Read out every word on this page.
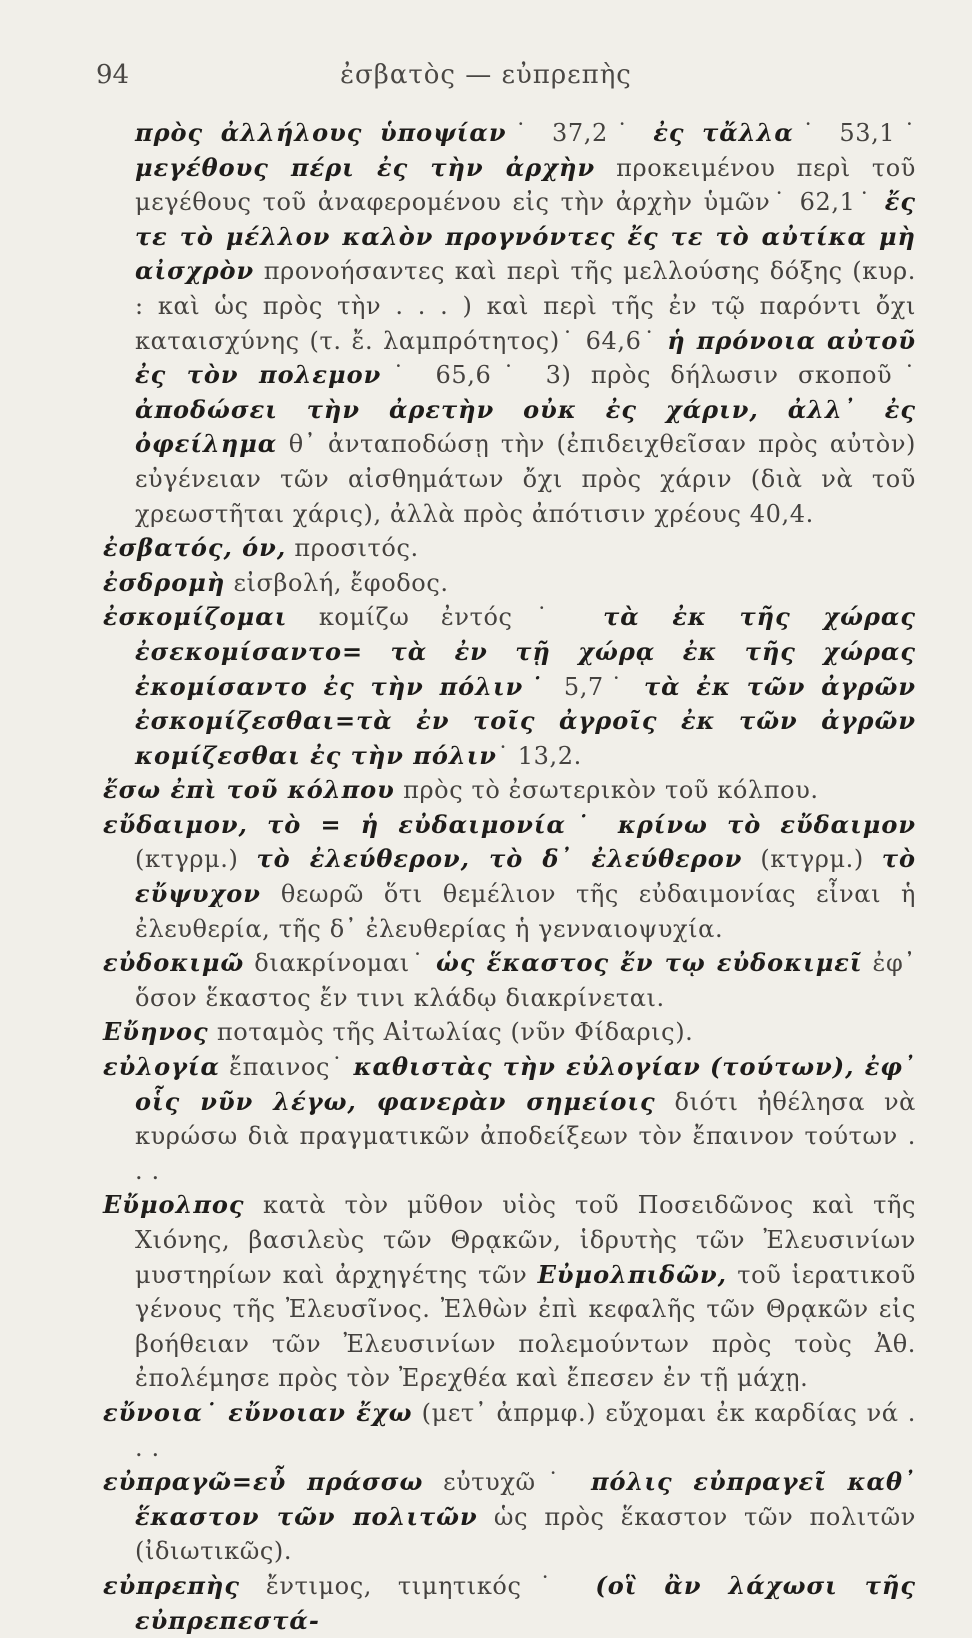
94	ἐσβατὸς — εὐπρεπὴς

πρὸς ἀλλήλους ὑποψίαν˙ 37,2˙ ἐς τἄλλα˙ 53,1˙ μεγέθους πέρι ἐς τὴν ἀρχὴν προκειμένου περὶ τοῦ μεγέθους τοῦ ἀναφερομένου εἰς τὴν ἀρχὴν ὑμῶν˙ 62,1˙ ἔς τε τὸ μέλλον καλὸν προγνόντες ἔς τε τὸ αὐτίκα μὴ αἰσχρὸν προνοήσαντες καὶ περὶ τῆς μελλούσης δόξης (κυρ. : καὶ ὡς πρὸς τὴν . . . ) καὶ περὶ τῆς ἐν τῷ παρόντι ὄχι καταισχύνης (τ. ἔ. λαμπρότητος)˙ 64,6˙ ἡ πρόνοια αὐτοῦ ἐς τὸν πολεμον˙ 65,6˙ 3) πρὸς δήλωσιν σκοποῦ˙ ἀποδώσει τὴν ἀρετὴν οὐκ ἐς χάριν, ἀλλ᾽ ἐς ὀφείλημα θ᾽ ἀνταποδώσῃ τὴν (ἐπιδειχθεῖσαν πρὸς αὐτὸν) εὐγένειαν τῶν αἰσθημάτων ὄχι πρὸς χάριν (διὰ νὰ τοῦ χρεωστῆται χάρις), ἀλλὰ πρὸς ἀπότισιν χρέους 40,4.

ἐσβατός, όν, προσιτός.

ἐσδρομὴ εἰσβολή, ἔφοδος.

ἐσκομίζομαι κομίζω ἐντός˙ τὰ ἐκ τῆς χώρας ἐσεκομίσαντο= τὰ ἐν τῇ χώρᾳ ἐκ τῆς χώρας ἐκομίσαντο ἐς τὴν πόλιν˙ 5,7˙ τὰ ἐκ τῶν ἀγρῶν ἐσκομίζεσθαι=τὰ ἐν τοῖς ἀγροῖς ἐκ τῶν ἀγρῶν κομίζεσθαι ἐς τὴν πόλιν˙ 13,2.

ἔσω ἐπὶ τοῦ κόλπου πρὸς τὸ ἐσωτερικὸν τοῦ κόλπου.

εὔδαιμον, τὸ = ἡ εὐδαιμονία˙ κρίνω τὸ εὔδαιμον (κτγρμ.) τὸ ἐλεύθερον, τὸ δ᾽ ἐλεύθερον (κτγρμ.) τὸ εὔψυχον θεωρῶ ὅτι θεμέλιον τῆς εὐδαιμονίας εἶναι ἡ ἐλευθερία, τῆς δ᾽ ἐλευθερίας ἡ γενναιοψυχία.

εὐδοκιμῶ διακρίνομαι˙ ὡς ἕκαστος ἔν τῳ εὐδοκιμεῖ ἐφ᾽ ὅσον ἕκαστος ἔν τινι κλάδῳ διακρίνεται.

Εὔηνος ποταμὸς τῆς Αἰτωλίας (νῦν Φίδαρις).

εὐλογία ἔπαινος˙ καθιστὰς τὴν εὐλογίαν (τούτων), ἐφ᾽ οἷς νῦν λέγω, φανερὰν σημείοις διότι ἠθέλησα νὰ κυρώσω διὰ πραγματικῶν ἀποδείξεων τὸν ἔπαινον τούτων . . .

Εὔμολπος κατὰ τὸν μῦθον υἱὸς τοῦ Ποσειδῶνος καὶ τῆς Χιόνης, βασιλεὺς τῶν Θρᾳκῶν, ἱδρυτὴς τῶν Ἐλευσινίων μυστηρίων καὶ ἀρχηγέτης τῶν Εὐμολπιδῶν, τοῦ ἱερατικοῦ γένους τῆς Ἐλευσῖνος. Ἐλθὼν ἐπὶ κεφαλῆς τῶν Θρᾳκῶν εἰς βοήθειαν τῶν Ἐλευσινίων πολεμούντων πρὸς τοὺς Ἀθ. ἐπολέμησε πρὸς τὸν Ἐρεχθέα καὶ ἔπεσεν ἐν τῇ μάχῃ.

εὔνοια˙ εὔνοιαν ἔχω (μετ᾽ ἀπρμφ.) εὔχομαι ἐκ καρδίας νά . . .

εὐπραγῶ=εὖ πράσσω εὐτυχῶ˙ πόλις εὐπραγεῖ καθ᾽ ἕκαστον τῶν πολιτῶν ὡς πρὸς ἕκαστον τῶν πολιτῶν (ἰδιωτικῶς).

εὐπρεπὴς ἔντιμος, τιμητικός˙ (οἳ ἂν λάχωσι τῆς εὐπρεπεστά-
